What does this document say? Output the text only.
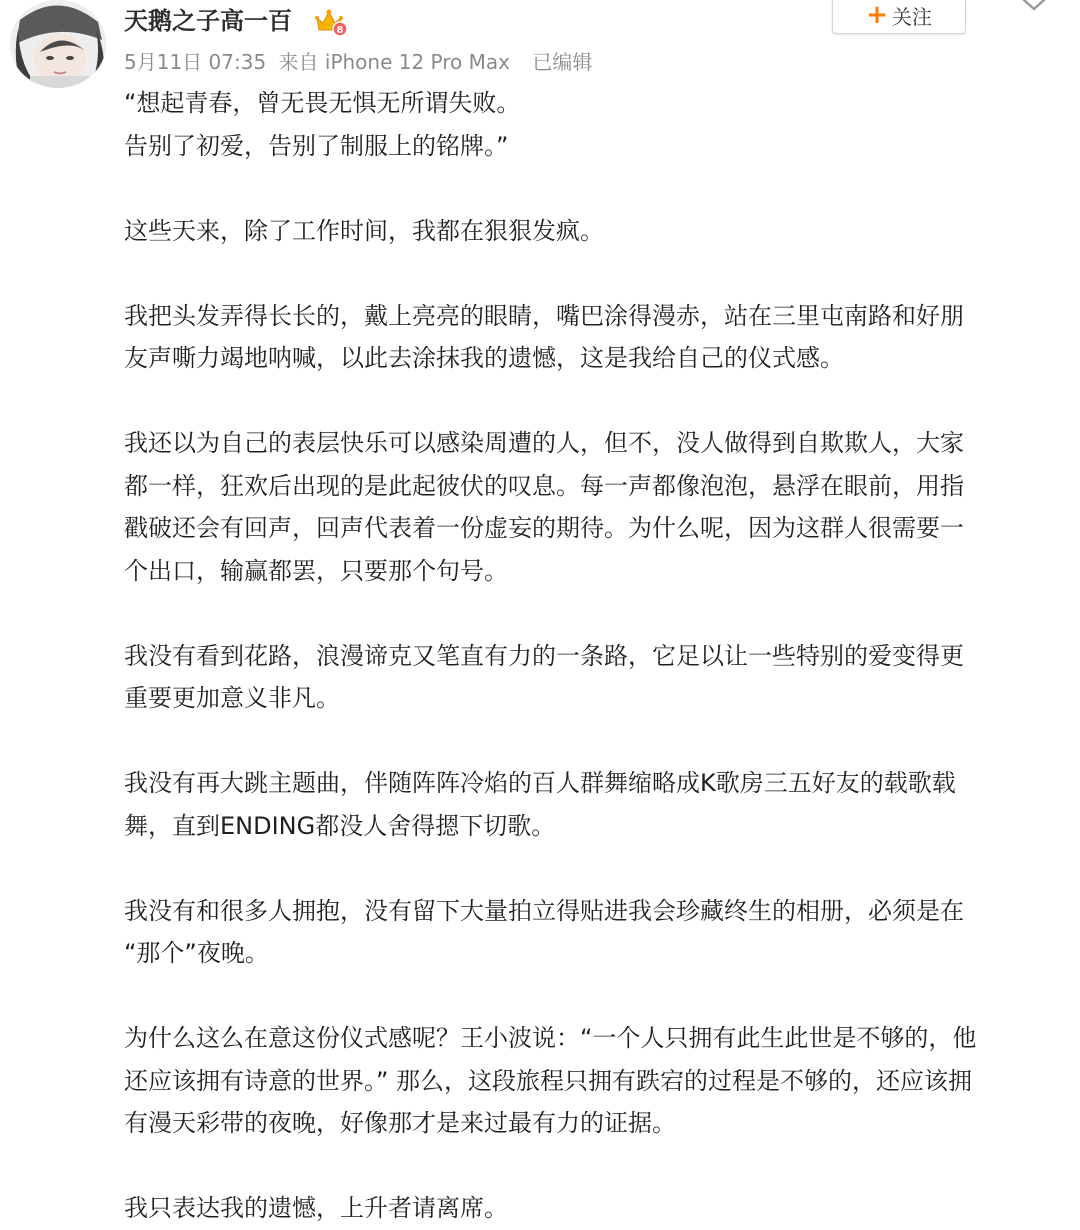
天鹅之子高一百	8
5月11日 07:35 来自 iPhone 12 Pro Max 已编辑
+ 关注

“想起青春，曾无畏无惧无所谓失败。
告别了初爱，告别了制服上的铭牌。”

这些天来，除了工作时间，我都在狠狠发疯。

我把头发弄得长长的，戴上亮亮的眼睛，嘴巴涂得漫赤，站在三里屯南路和好朋
友声嘶力竭地呐喊，以此去涂抹我的遗憾，这是我给自己的仪式感。

我还以为自己的表层快乐可以感染周遭的人，但不，没人做得到自欺欺人，大家
都一样，狂欢后出现的是此起彼伏的叹息。每一声都像泡泡，悬浮在眼前，用指
戳破还会有回声，回声代表着一份虚妄的期待。为什么呢，因为这群人很需要一
个出口，输赢都罢，只要那个句号。

我没有看到花路，浪漫谛克又笔直有力的一条路，它足以让一些特别的爱变得更
重要更加意义非凡。

我没有再大跳主题曲，伴随阵阵冷焰的百人群舞缩略成K歌房三五好友的载歌载
舞，直到ENDING都没人舍得摁下切歌。

我没有和很多人拥抱，没有留下大量拍立得贴进我会珍藏终生的相册，必须是在
“那个”夜晚。

为什么这么在意这份仪式感呢？王小波说：“一个人只拥有此生此世是不够的，他
还应该拥有诗意的世界。” 那么，这段旅程只拥有跌宕的过程是不够的，还应该拥
有漫天彩带的夜晚，好像那才是来过最有力的证据。

我只表达我的遗憾，上升者请离席。
